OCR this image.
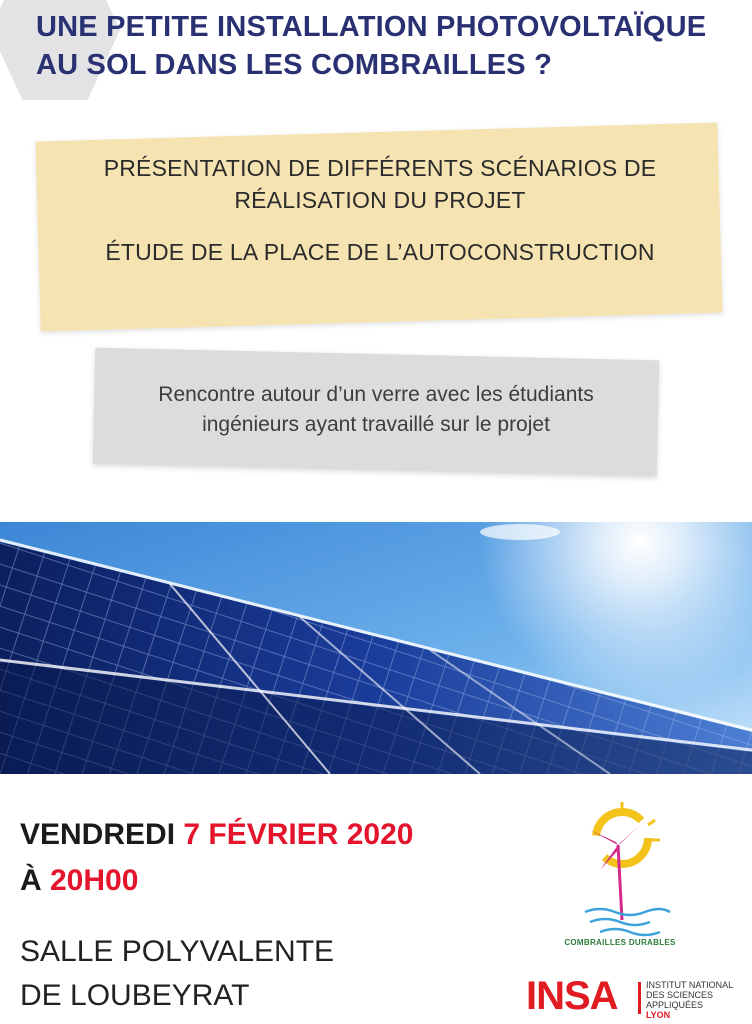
UNE PETITE INSTALLATION PHOTOVOLTAÏQUE
AU SOL DANS LES COMBRAILLES ?

PRÉSENTATION DE DIFFÉRENTS SCÉNARIOS DE

RÉALISATION DU PROJET

ÉTUDE DE LA PLACE DE L’AUTOCONSTRUCTION

Rencontre autour d’un verre avec les étudiants

ingénieurs ayant travaillé sur le projet

VENDREDI 7 FÉVRIER 2020

À 20H00

SALLE POLYVALENTE

DE LOUBEYRAT

COMBRAILLES DURABLES
INSA	INSTITUT NATIONAL
DES SCIENCES
APPLIQUÉES
LYON
